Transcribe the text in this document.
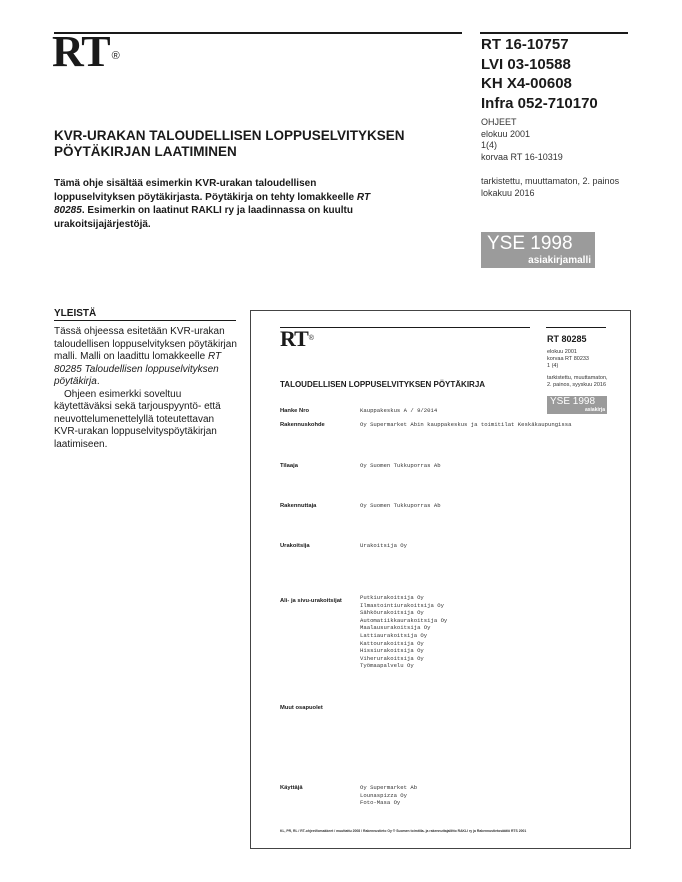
RT ®
RT 16-10757
LVI 03-10588
KH X4-00608
Infra 052-710170
OHJEET
elokuu 2001
1(4)
korvaa RT 16-10319
tarkistettu, muuttamaton, 2. painos
lokakuu 2016
YSE 1998
asiakirjamalli
KVR-URAKAN TALOUDELLISEN LOPPUSELVITYKSEN
PÖYTÄKIRJAN LAATIMINEN
Tämä ohje sisältää esimerkin KVR-urakan taloudellisen loppuselvityksen pöytäkirjasta. Pöytäkirja on tehty lomakkeelle RT 80285. Esimerkin on laatinut RAKLI ry ja laadinnassa on kuultu urakoitsijajärjestöjä.
YLEISTÄ

Tässä ohjeessa esitetään KVR-urakan taloudellisen loppuselvityksen pöytäkirjan malli. Malli on laadittu lomakkeelle RT 80285 Taloudellisen loppuselvityksen pöytäkirja.

Ohjeen esimerkki soveltuu käytettäväksi sekä tarjouspyyntö- että neuvottelumenettelyllä toteutettavan KVR-urakan loppuselvityspöytäkirjan laatimiseen.

RT®	RT 80285
elokuu 2001
korvaa RT 80233
1 (4)
tarkistettu, muuttamaton,
2. painos, syyskuu 2016
YSE 1998
asiakirja
TALOUDELLISEN LOPPUSELVITYKSEN PÖYTÄKIRJA
Hanke Nro	Kauppakeskus A / 9/2014
Rakennuskohde	Oy Supermarket Abin kauppakeskus ja toimitilat Keskäkaupungissa
Tilaaja	Oy Suomen Tukkuporras Ab
Rakennuttaja	Oy Suomen Tukkuporras Ab
Urakoitsija	Urakoitsija Oy
Ali- ja sivu-urakoitsijat	Putkiurakoitsija Oy
Ilmastointiurakoitsija Oy
Sähköurakoitsija Oy
Automatiikkaurakoitsija Oy
Maalausurakoitsija Oy
Lattiaurakoitsija Oy
Kattourakoitsija Oy
Hissiurakoitsija Oy
Viherurakoitsija Oy
Työmaapalvelu Oy
Muut osapuolet
Käyttäjä	Oy Supermarket Ab
Lounaspizza Oy
Foto-Masa Oy
KL, PR, RL / RT-ohjeet/lomakkeet / muuttattu 2008 / Rakennustieto Oy ® Suomen toimitila- ja rakennuttajaliitto RAKLI ry ja Rakennustietosäätiö RTS 2001
